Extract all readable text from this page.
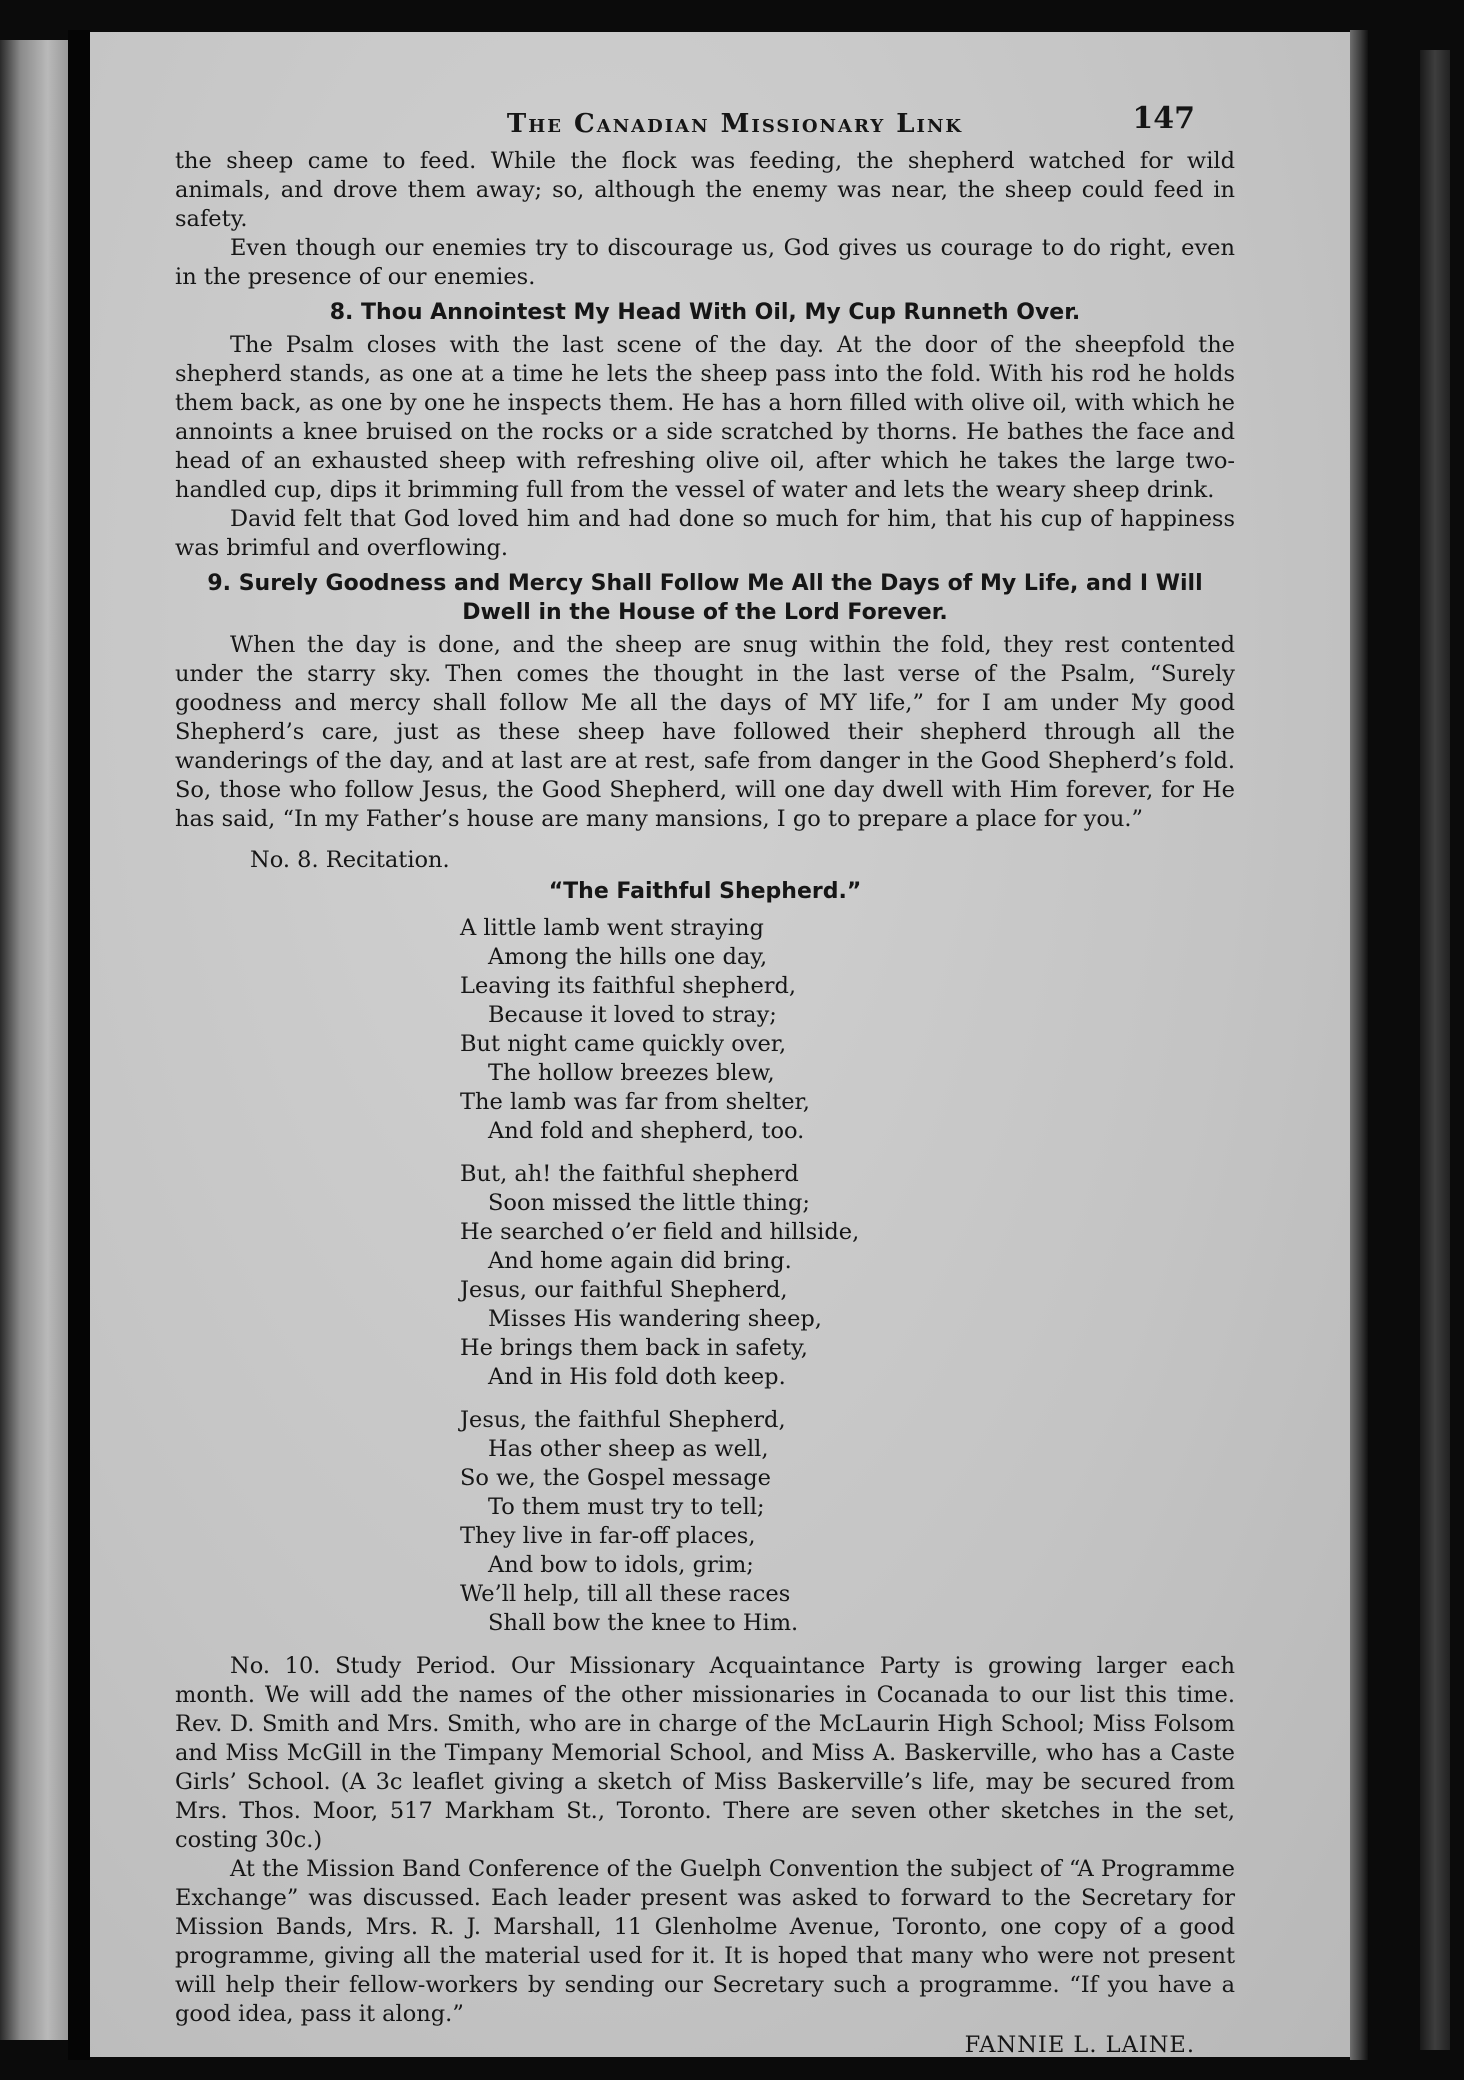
The Canadian Missionary Link	147

the sheep came to feed. While the flock was feeding, the shepherd watched for wild animals, and drove them away; so, although the enemy was near, the sheep could feed in safety.

Even though our enemies try to discourage us, God gives us courage to do right, even in the presence of our enemies.

8. Thou Annointest My Head With Oil, My Cup Runneth Over.

The Psalm closes with the last scene of the day. At the door of the sheepfold the shepherd stands, as one at a time he lets the sheep pass into the fold. With his rod he holds them back, as one by one he inspects them. He has a horn filled with olive oil, with which he annoints a knee bruised on the rocks or a side scratched by thorns. He bathes the face and head of an exhausted sheep with refreshing olive oil, after which he takes the large two-handled cup, dips it brimming full from the vessel of water and lets the weary sheep drink.

David felt that God loved him and had done so much for him, that his cup of happiness was brimful and overflowing.

9. Surely Goodness and Mercy Shall Follow Me All the Days of My Life, and I Will Dwell in the House of the Lord Forever.

When the day is done, and the sheep are snug within the fold, they rest contented under the starry sky. Then comes the thought in the last verse of the Psalm, “Surely goodness and mercy shall follow Me all the days of MY life,” for I am under My good Shepherd’s care, just as these sheep have followed their shepherd through all the wanderings of the day, and at last are at rest, safe from danger in the Good Shepherd’s fold. So, those who follow Jesus, the Good Shepherd, will one day dwell with Him forever, for He has said, “In my Father’s house are many mansions, I go to prepare a place for you.”

No. 8. Recitation.
“The Faithful Shepherd.”
A little lamb went straying
Among the hills one day,
Leaving its faithful shepherd,
Because it loved to stray;
But night came quickly over,
The hollow breezes blew,
The lamb was far from shelter,
And fold and shepherd, too.
But, ah! the faithful shepherd
Soon missed the little thing;
He searched o’er field and hillside,
And home again did bring.
Jesus, our faithful Shepherd,
Misses His wandering sheep,
He brings them back in safety,
And in His fold doth keep.
Jesus, the faithful Shepherd,
Has other sheep as well,
So we, the Gospel message
To them must try to tell;
They live in far-off places,
And bow to idols, grim;
We’ll help, till all these races
Shall bow the knee to Him.

No. 10. Study Period. Our Missionary Acquaintance Party is growing larger each month. We will add the names of the other missionaries in Cocanada to our list this time. Rev. D. Smith and Mrs. Smith, who are in charge of the McLaurin High School; Miss Folsom and Miss McGill in the Timpany Memorial School, and Miss A. Baskerville, who has a Caste Girls’ School. (A 3c leaflet giving a sketch of Miss Baskerville’s life, may be secured from Mrs. Thos. Moor, 517 Markham St., Toronto. There are seven other sketches in the set, costing 30c.)

At the Mission Band Conference of the Guelph Convention the subject of “A Programme Exchange” was discussed. Each leader present was asked to forward to the Secretary for Mission Bands, Mrs. R. J. Marshall, 11 Glenholme Avenue, Toronto, one copy of a good programme, giving all the material used for it. It is hoped that many who were not present will help their fellow-workers by sending our Secretary such a programme. “If you have a good idea, pass it along.”

FANNIE L. LAINE.
